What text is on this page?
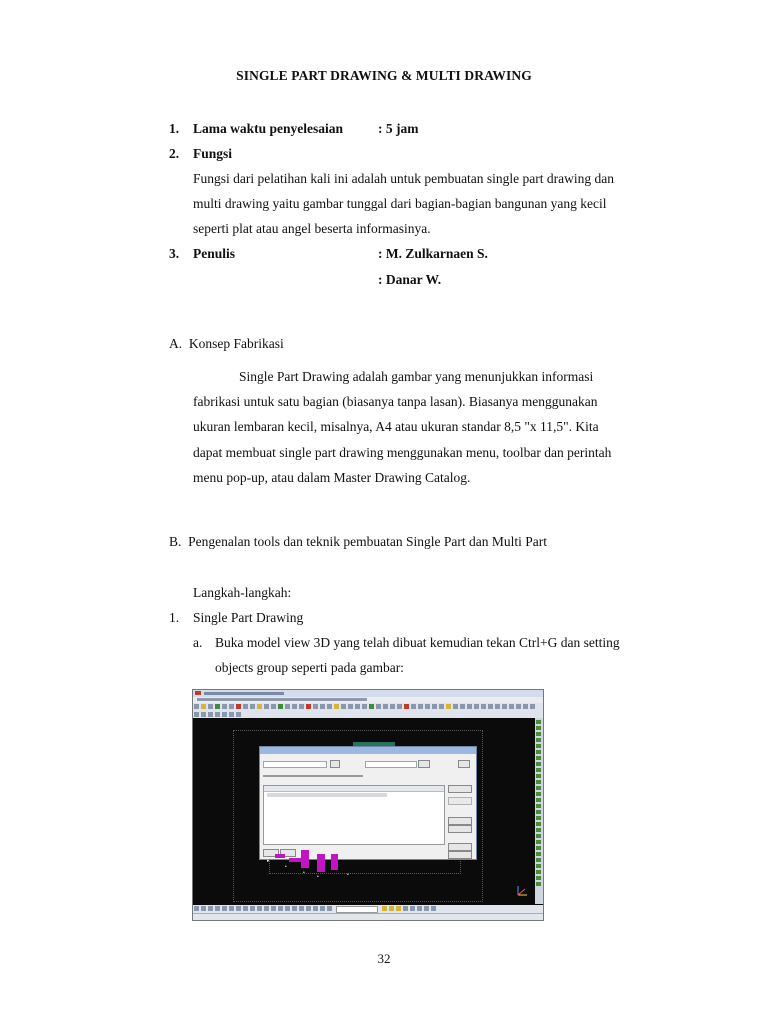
SINGLE PART DRAWING & MULTI DRAWING
1. Lama waktu penyelesaian	: 5 jam
2. Fungsi
Fungsi dari pelatihan kali ini adalah untuk pembuatan single part drawing dan
multi drawing yaitu gambar tunggal dari bagian-bagian bangunan yang kecil
seperti plat atau angel beserta informasinya.
3. Penulis	: M. Zulkarnaen S.
: Danar W.
A.  Konsep Fabrikasi
Single Part Drawing adalah gambar yang menunjukkan informasi
fabrikasi untuk satu bagian (biasanya tanpa lasan). Biasanya menggunakan
ukuran lembaran kecil, misalnya, A4 atau ukuran standar 8,5 "x 11,5". Kita
dapat membuat single part drawing menggunakan menu, toolbar dan perintah
menu pop-up, atau dalam Master Drawing Catalog.
B.  Pengenalan tools dan teknik pembuatan Single Part dan Multi Part
Langkah-langkah:
1. Single Part Drawing
a. Buka model view 3D yang telah dibuat kemudian tekan Ctrl+G dan setting
objects group seperti pada gambar:

▸
•
•
•	•

32
